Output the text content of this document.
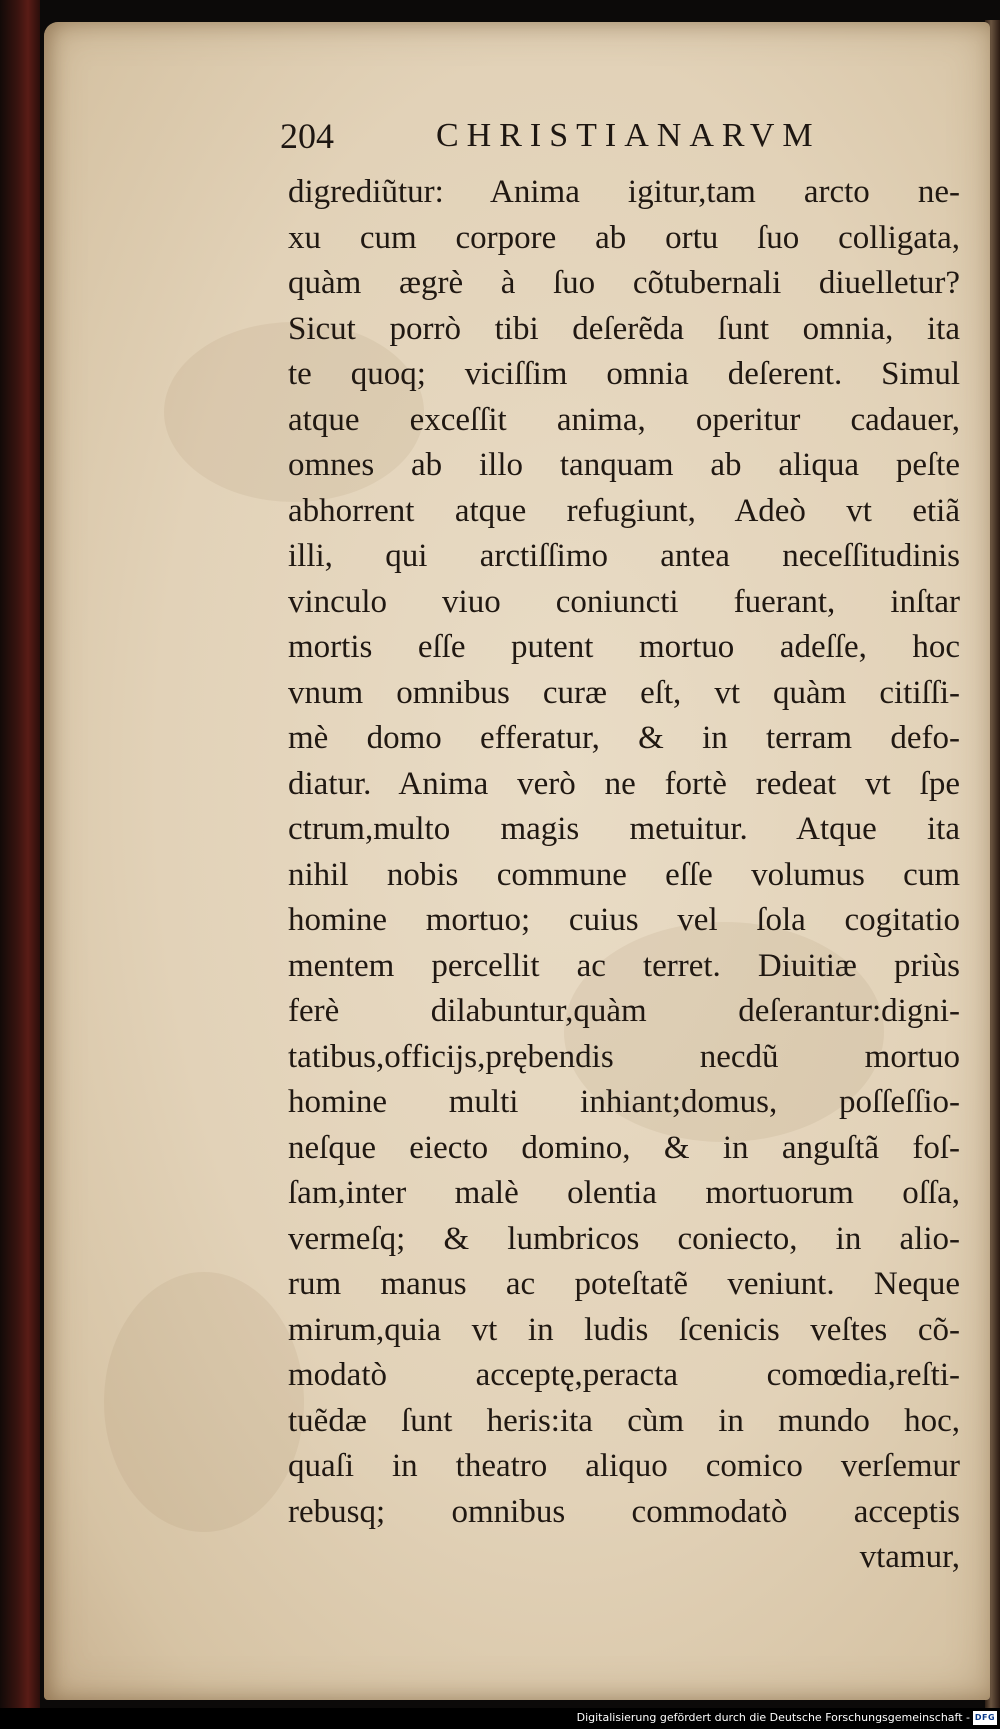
204	CHRISTIANARVM
digrediũtur: Anima igitur,tam arcto ne-
xu cum corpore ab ortu ſuo colligata,
quàm ægrè à ſuo cõtubernali diuelletur?
Sicut porrò tibi deſerẽda ſunt omnia, ita
te quoq; viciſſim omnia deſerent. Simul
atque exceſſit anima, operitur cadauer,
omnes ab illo tanquam ab aliqua peſte
abhorrent atque refugiunt, Adeò vt etiã
illi, qui arctiſſimo antea neceſſitudinis
vinculo viuo coniuncti fuerant, inſtar
mortis eſſe putent mortuo adeſſe, hoc
vnum omnibus curæ eſt, vt quàm citiſſi-
mè domo efferatur, & in terram defo-
diatur. Anima verò ne fortè redeat vt ſpe
ctrum,multo magis metuitur. Atque ita
nihil nobis commune eſſe volumus cum
homine mortuo; cuius vel ſola cogitatio
mentem percellit ac terret. Diuitiæ priùs
ferè dilabuntur,quàm deſerantur:digni-
tatibus,officijs,prębendis necdũ mortuo
homine multi inhiant;domus, poſſeſſio-
neſque eiecto domino, & in anguſtã foſ-
ſam,inter malè olentia mortuorum oſſa,
vermeſq; & lumbricos coniecto, in alio-
rum manus ac poteſtatẽ veniunt. Neque
mirum,quia vt in ludis ſcenicis veſtes cõ-
modatò acceptę,peracta comœdia,reſti-
tuẽdæ ſunt heris:ita cùm in mundo hoc,
quaſi in theatro aliquo comico verſemur
rebusq; omnibus commodatò acceptis
vtamur,
Digitalisierung gefördert durch die Deutsche Forschungsgemeinschaft - DFG
